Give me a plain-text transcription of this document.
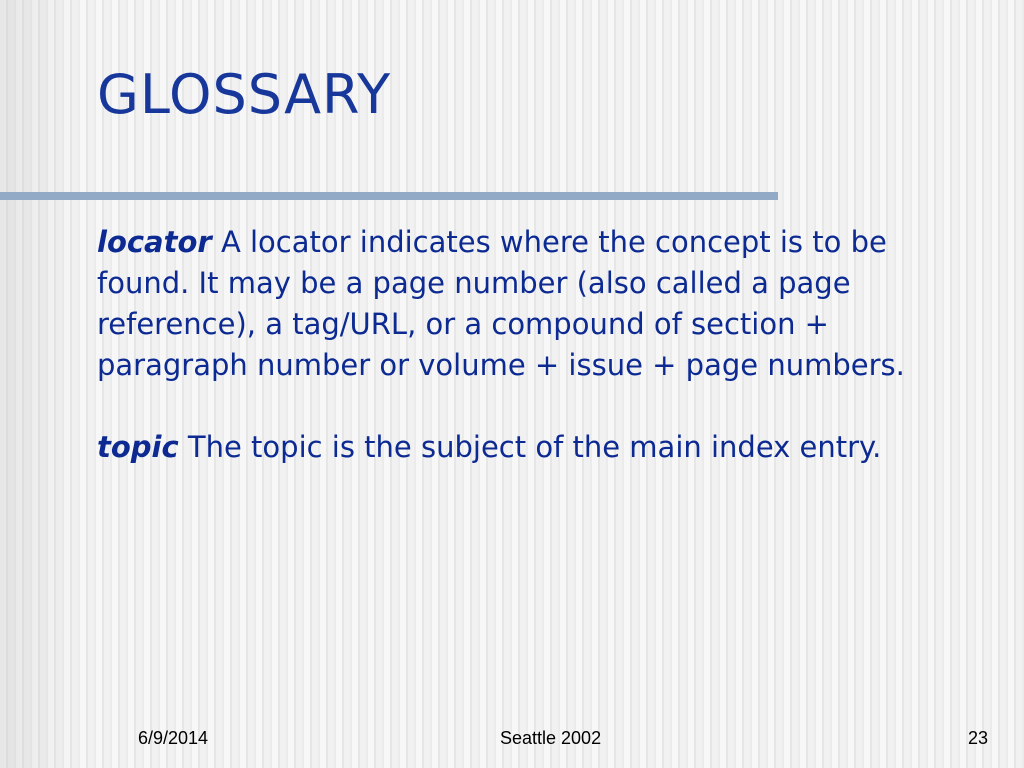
GLOSSARY

locator A locator indicates where the concept is to be found. It may be a page number (also called a page reference), a tag/URL, or a compound of section + paragraph number or volume + issue + page numbers.

topic The topic is the subject of the main index entry.

6/9/2014	Seattle 2002	23
